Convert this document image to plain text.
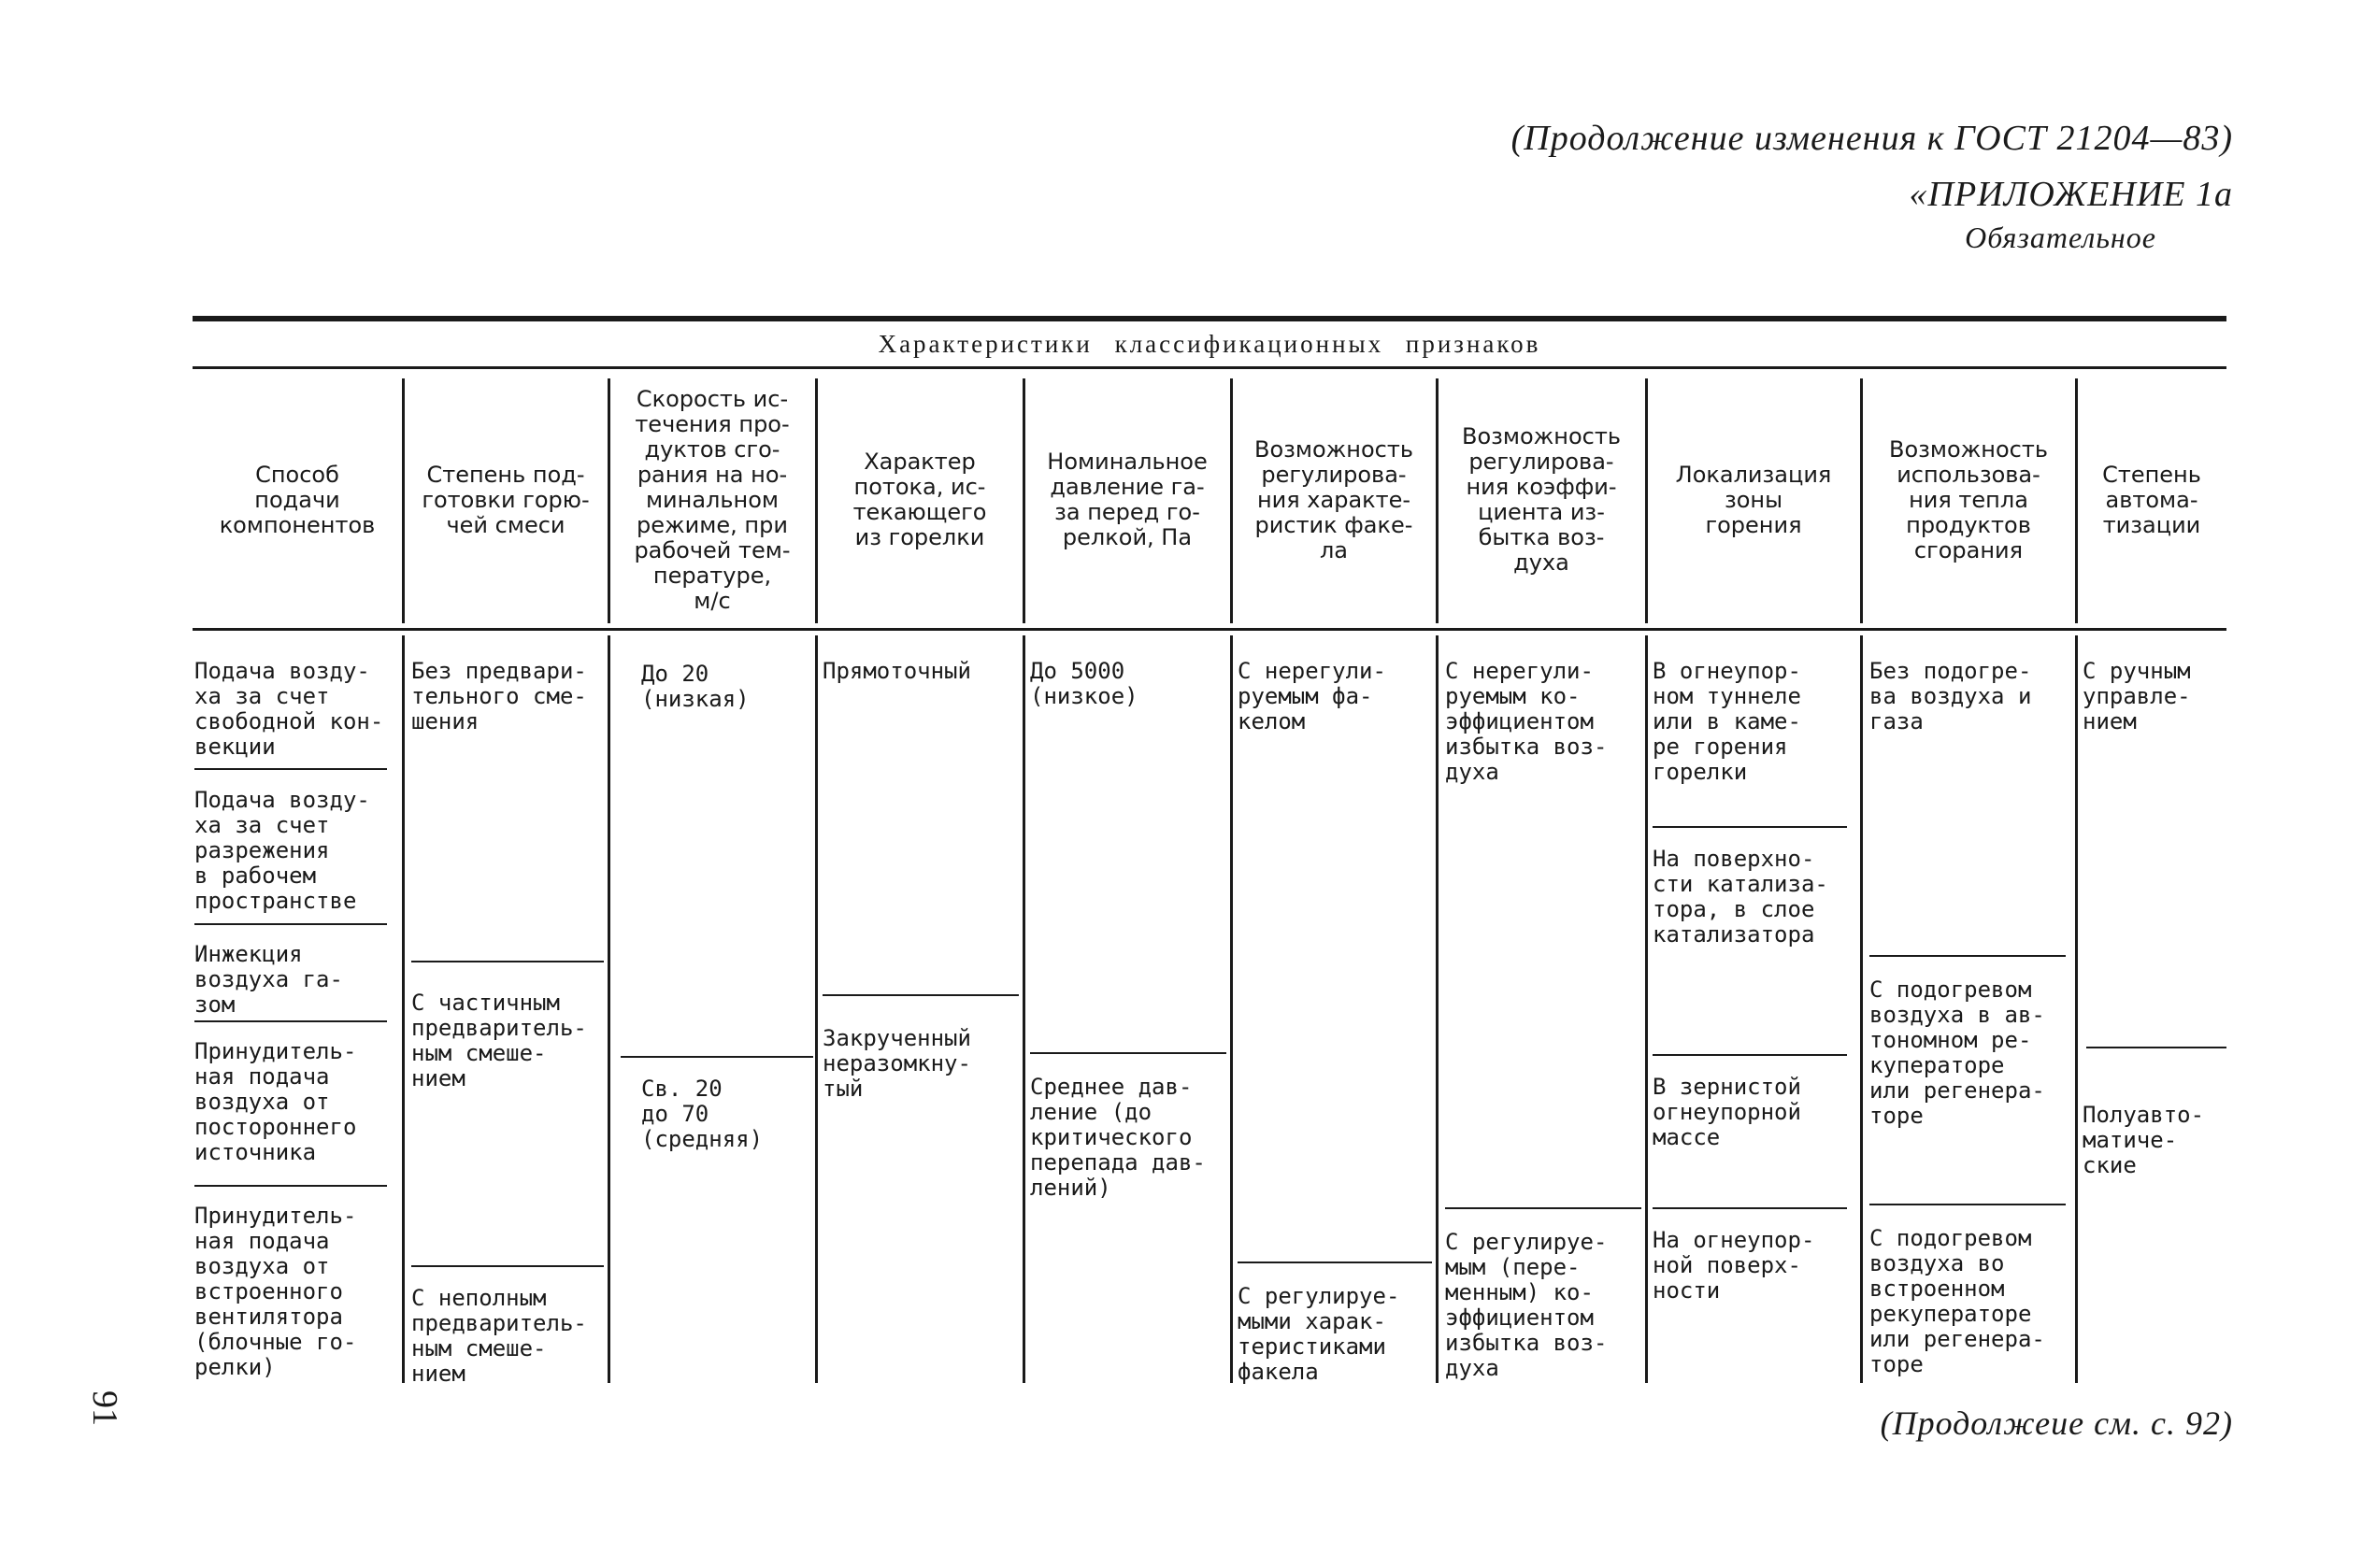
(Продолжение изменения к ГОСТ 21204—83)
«ПРИЛОЖЕНИЕ 1а
Обязательное
Характеристики классификационных признаков
Способ
подачи
компонентов
Степень под-
готовки горю-
чей смеси
Скорость ис-
течения про-
дуктов сго-
рания на но-
минальном
режиме, при
рабочей тем-
пературе,
м/с
Характер
потока, ис-
текающего
из горелки
Номинальное
давление га-
за перед го-
релкой, Па
Возможность
регулирова-
ния характе-
ристик факе-
ла
Возможность
регулирова-
ния коэффи-
циента из-
бытка воз-
духа
Локализация
зоны
горения
Возможность
использова-
ния тепла
продуктов
сгорания
Степень
автома-
тизации
Подача возду-
ха за счет
свободной кон-
векции
Подача возду-
ха за счет
разрежения
в рабочем
пространстве
Инжекция
воздуха га-
зом
Принудитель-
ная подача
воздуха от
постороннего
источника
Принудитель-
ная подача
воздуха от
встроенного
вентилятора
(блочные го-
релки)
Без предвари-
тельного сме-
шения
С частичным
предваритель-
ным смеше-
нием
С неполным
предваритель-
ным смеше-
нием
До 20
(низкая)
Св. 20
до 70
(средняя)
Прямоточный
Закрученный
неразомкну-
тый
До 5000
(низкое)
Среднее дав-
ление (до
критического
перепада дав-
лений)
С нерегули-
руемым фа-
келом
С регулируе-
мыми харак-
теристиками
факела
С нерегули-
руемым ко-
эффициентом
избытка воз-
духа
С регулируе-
мым (пере-
менным) ко-
эффициентом
избытка воз-
духа
В огнеупор-
ном туннеле
или в каме-
ре горения
горелки
На поверхно-
сти катализа-
тора, в слое
катализатора
В зернистой
огнеупорной
массе
На огнеупор-
ной поверх-
ности
Без подогре-
ва воздуха и
газа
С подогревом
воздуха в ав-
тономном ре-
куператоре
или регенера-
торе
С подогревом
воздуха во
встроенном
рекуператоре
или регенера-
торе
С ручным
управле-
нием
Полуавто-
матиче-
ские
(Продолжеие см. с. 92)
91
